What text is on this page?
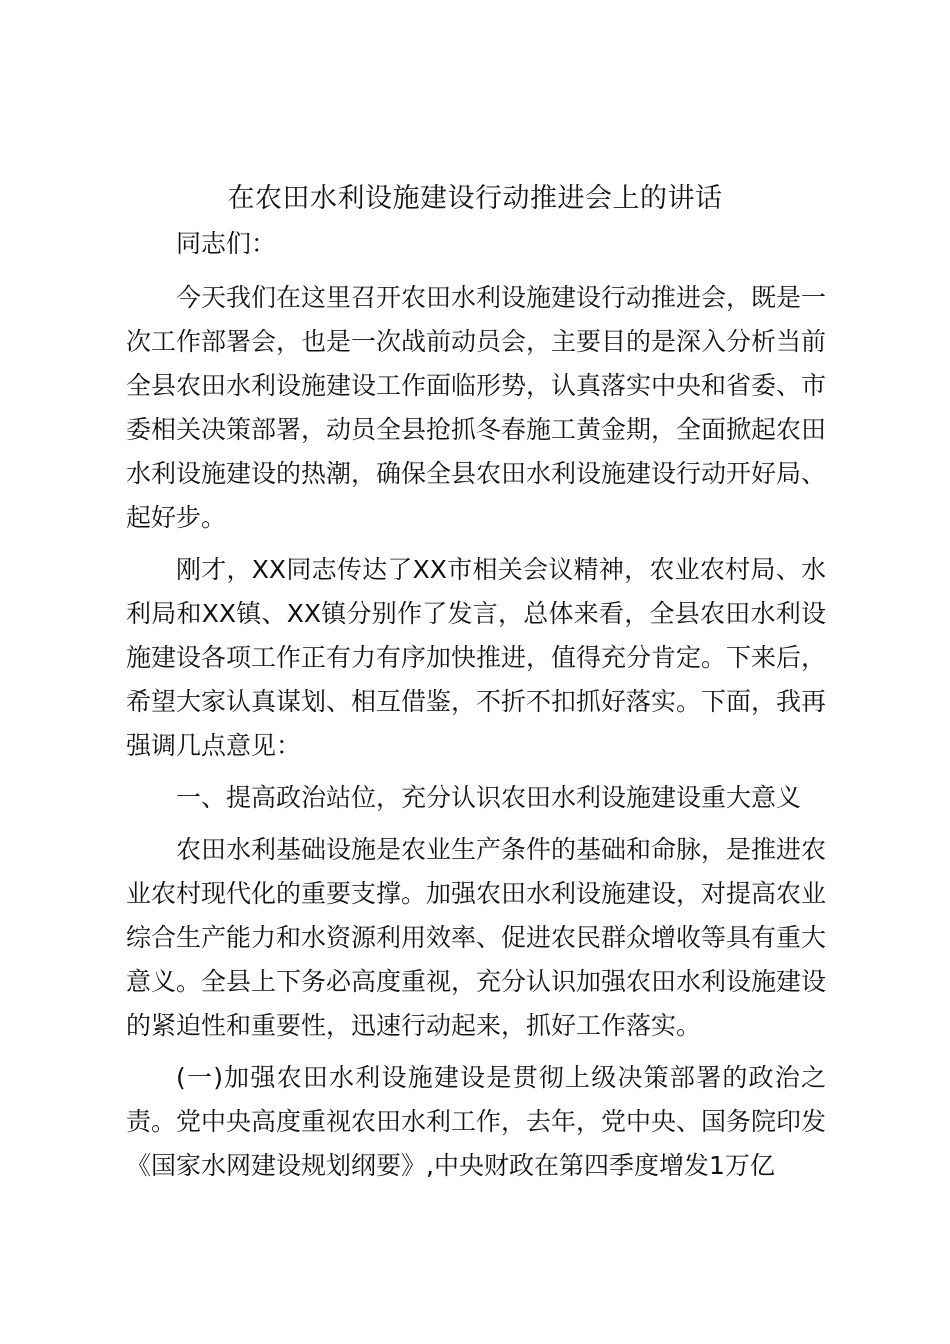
在农田水利设施建设行动推进会上的讲话

同志们：

今天我们在这里召开农田水利设施建设行动推进会，既是一次工作部署会，也是一次战前动员会，主要目的是深入分析当前全县农田水利设施建设工作面临形势，认真落实中央和省委、市委相关决策部署，动员全县抢抓冬春施工黄金期，全面掀起农田水利设施建设的热潮，确保全县农田水利设施建设行动开好局、起好步。

刚才，XX同志传达了XX市相关会议精神，农业农村局、水利局和XX镇、XX镇分别作了发言，总体来看，全县农田水利设施建设各项工作正有力有序加快推进，值得充分肯定。下来后，希望大家认真谋划、相互借鉴，不折不扣抓好落实。下面，我再强调几点意见：

一、提高政治站位，充分认识农田水利设施建设重大意义

农田水利基础设施是农业生产条件的基础和命脉，是推进农业农村现代化的重要支撑。加强农田水利设施建设，对提高农业综合生产能力和水资源利用效率、促进农民群众增收等具有重大意义。全县上下务必高度重视，充分认识加强农田水利设施建设的紧迫性和重要性，迅速行动起来，抓好工作落实。

(一)加强农田水利设施建设是贯彻上级决策部署的政治之责。党中央高度重视农田水利工作，去年，党中央、国务院印发《国家水网建设规划纲要》,中央财政在第四季度增发1万亿
